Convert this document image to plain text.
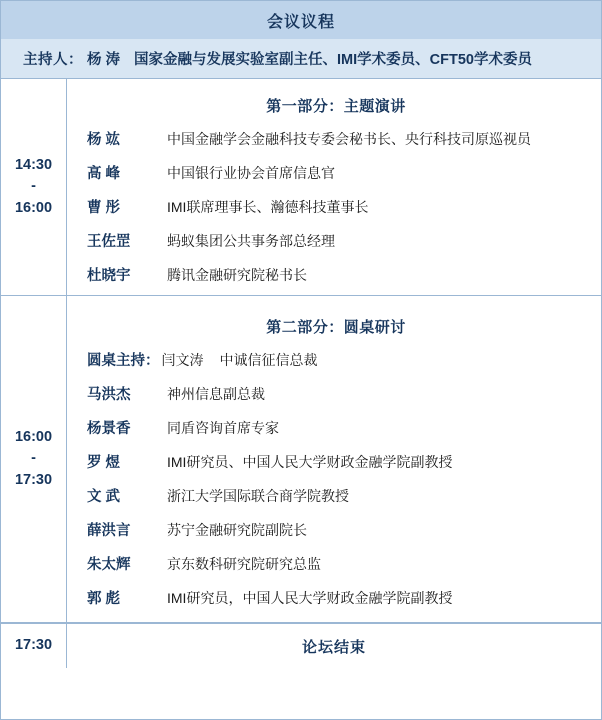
会议议程
主持人： 杨 涛 国家金融与发展实验室副主任、IMI学术委员、CFT50学术委员
14:30
-
16:00
第一部分：主题演讲
杨 竑	中国金融学会金融科技专委会秘书长、央行科技司原巡视员
高 峰	中国银行业协会首席信息官
曹 彤	IMI联席理事长、瀚德科技董事长
王佐罡	蚂蚁集团公共事务部总经理
杜晓宇	腾讯金融研究院秘书长
16:00
-
17:30
第二部分：圆桌研讨
圆桌主持： 闫文涛	中诚信征信总裁
马洪杰	神州信息副总裁
杨景香	同盾咨询首席专家
罗 煜	IMI研究员、中国人民大学财政金融学院副教授
文 武	浙江大学国际联合商学院教授
薛洪言	苏宁金融研究院副院长
朱太辉	京东数科研究院研究总监
郭 彪	IMI研究员，中国人民大学财政金融学院副教授
17:30	论坛结束
